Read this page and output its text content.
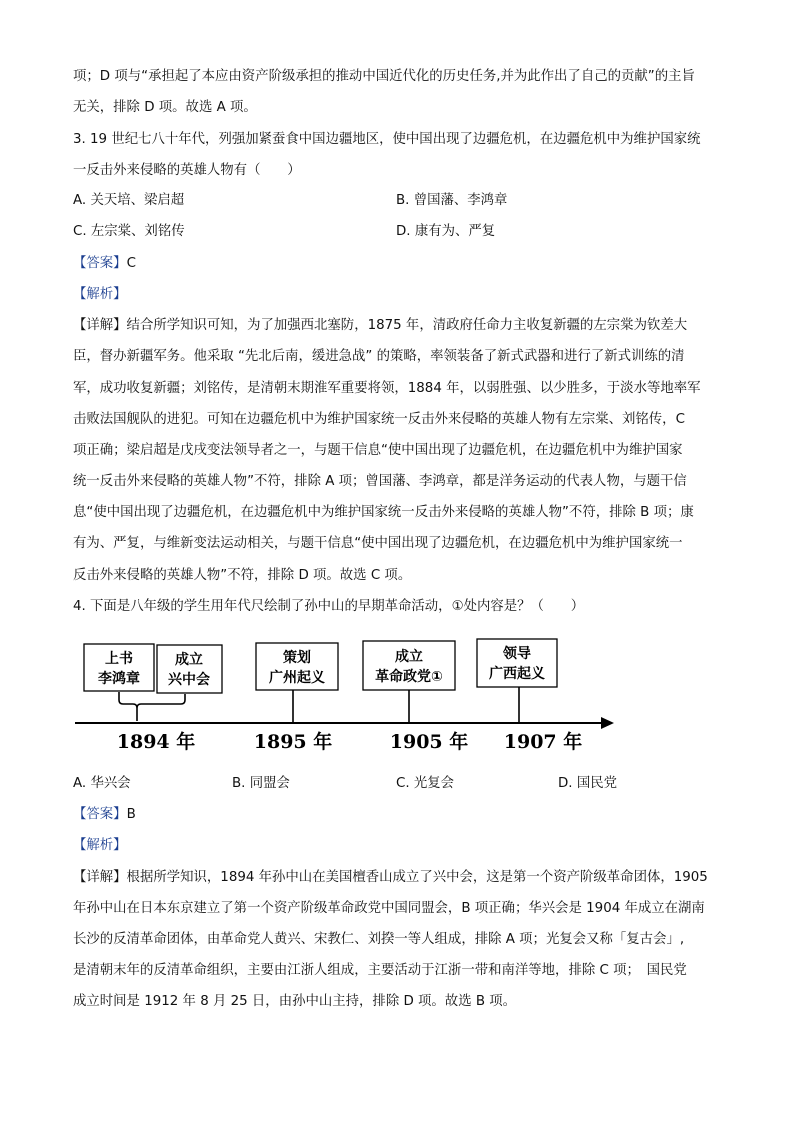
项；D 项与“承担起了本应由资产阶级承担的推动中国近代化的历史任务,并为此作出了自己的贡献”的主旨
无关，排除 D 项。故选 A 项。
3. 19 世纪七八十年代，列强加紧蚕食中国边疆地区，使中国出现了边疆危机，在边疆危机中为维护国家统
一反击外来侵略的英雄人物有（　　）
A. 关天培、梁启超	B. 曾国藩、李鸿章
C. 左宗棠、刘铭传	D. 康有为、严复
【答案】C
【解析】
【详解】结合所学知识可知，为了加强西北塞防，1875 年，清政府任命力主收复新疆的左宗棠为钦差大
臣，督办新疆军务。他采取 “先北后南，缓进急战” 的策略，率领装备了新式武器和进行了新式训练的清
军，成功收复新疆；刘铭传，是清朝末期淮军重要将领，1884 年，以弱胜强、以少胜多，于淡水等地率军
击败法国舰队的进犯。可知在边疆危机中为维护国家统一反击外来侵略的英雄人物有左宗棠、刘铭传，C
项正确；梁启超是戊戌变法领导者之一，与题干信息“使中国出现了边疆危机，在边疆危机中为维护国家
统一反击外来侵略的英雄人物”不符，排除 A 项；曾国藩、李鸿章，都是洋务运动的代表人物，与题干信
息“使中国出现了边疆危机，在边疆危机中为维护国家统一反击外来侵略的英雄人物”不符，排除 B 项；康
有为、严复，与维新变法运动相关，与题干信息“使中国出现了边疆危机，在边疆危机中为维护国家统一
反击外来侵略的英雄人物”不符，排除 D 项。故选 C 项。
4. 下面是八年级的学生用年代尺绘制了孙中山的早期革命活动，①处内容是？（　　）
上书
李鸿章
成立
兴中会
策划
广州起义
成立
革命政党①
领导
广西起义
1894 年	1895 年	1905 年 1907 年
A. 华兴会	B. 同盟会	C. 光复会	D. 国民党
【答案】B
【解析】
【详解】根据所学知识，1894 年孙中山在美国檀香山成立了兴中会，这是第一个资产阶级革命团体，1905
年孙中山在日本东京建立了第一个资产阶级革命政党中国同盟会，B 项正确；华兴会是 1904 年成立在湖南
长沙的反清革命团体，由革命党人黄兴、宋教仁、刘揆一等人组成，排除 A 项；光复会又称「复古会」,
是清朝末年的反清革命组织，主要由江浙人组成，主要活动于江浙一带和南洋等地，排除 C 项；　国民党
成立时间是 1912 年 8 月 25 日，由孙中山主持，排除 D 项。故选 B 项。
